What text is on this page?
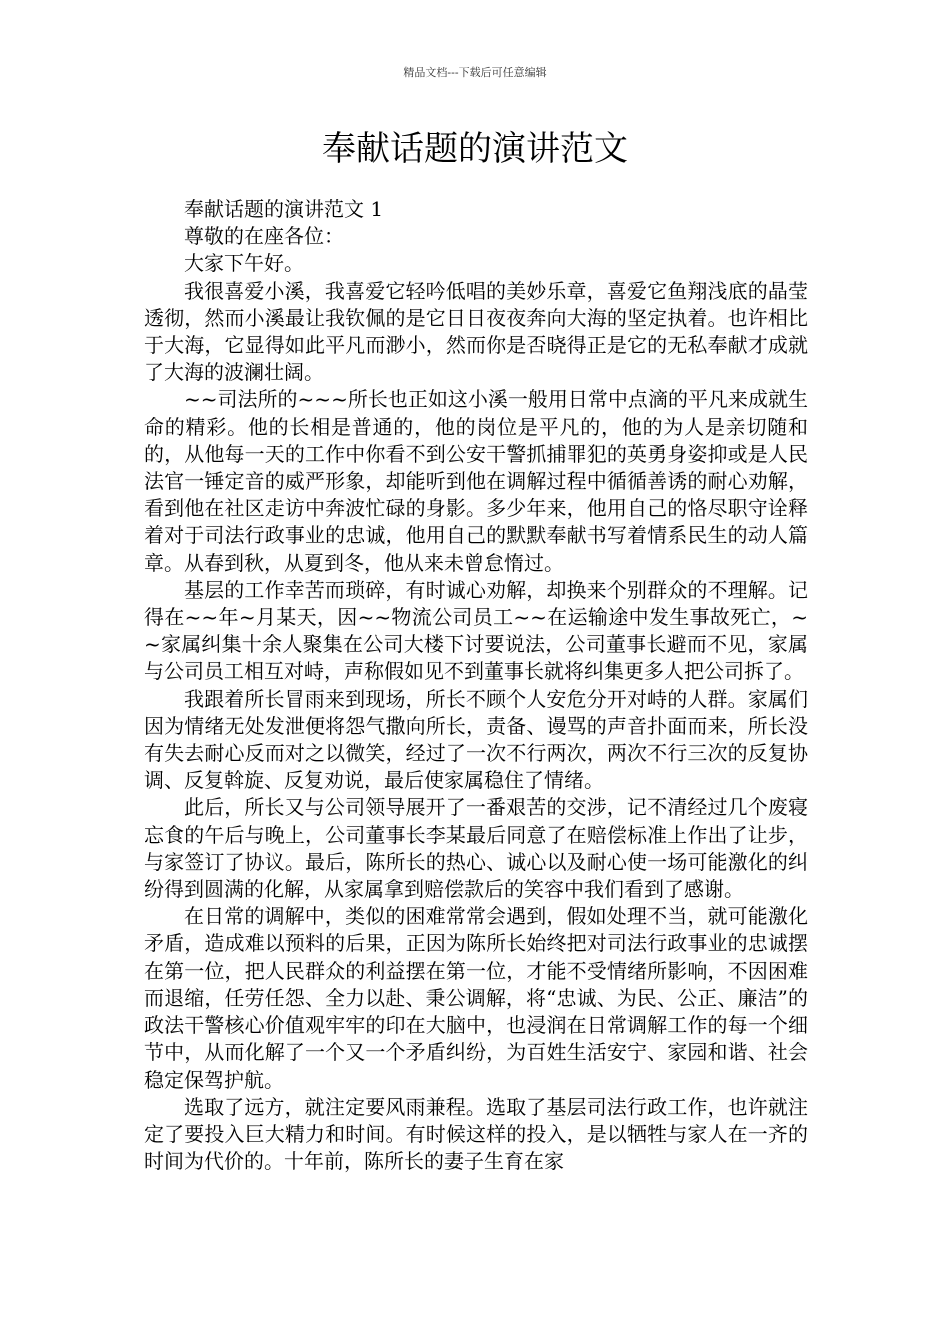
精品文档---下载后可任意编辑
奉献话题的演讲范文

奉献话题的演讲范文 1

尊敬的在座各位：

大家下午好。

我很喜爱小溪，我喜爱它轻吟低唱的美妙乐章，喜爱它鱼翔浅底的晶莹透彻，然而小溪最让我钦佩的是它日日夜夜奔向大海的坚定执着。也许相比于大海，它显得如此平凡而渺小，然而你是否晓得正是它的无私奉献才成就了大海的波澜壮阔。

~~司法所的~~~所长也正如这小溪一般用日常中点滴的平凡来成就生命的精彩。他的长相是普通的，他的岗位是平凡的，他的为人是亲切随和的，从他每一天的工作中你看不到公安干警抓捕罪犯的英勇身姿抑或是人民法官一锤定音的威严形象，却能听到他在调解过程中循循善诱的耐心劝解，看到他在社区走访中奔波忙碌的身影。多少年来，他用自己的恪尽职守诠释着对于司法行政事业的忠诚，他用自己的默默奉献书写着情系民生的动人篇章。从春到秋，从夏到冬，他从来未曾怠惰过。

基层的工作幸苦而琐碎，有时诚心劝解，却换来个别群众的不理解。记得在~~年~月某天，因~~物流公司员工~~在运输途中发生事故死亡，~~家属纠集十余人聚集在公司大楼下讨要说法，公司董事长避而不见，家属与公司员工相互对峙，声称假如见不到董事长就将纠集更多人把公司拆了。

我跟着所长冒雨来到现场，所长不顾个人安危分开对峙的人群。家属们因为情绪无处发泄便将怨气撒向所长，责备、谩骂的声音扑面而来，所长没有失去耐心反而对之以微笑，经过了一次不行两次，两次不行三次的反复协调、反复斡旋、反复劝说，最后使家属稳住了情绪。

此后，所长又与公司领导展开了一番艰苦的交涉，记不清经过几个废寝忘食的午后与晚上，公司董事长李某最后同意了在赔偿标准上作出了让步，与家签订了协议。最后，陈所长的热心、诚心以及耐心使一场可能激化的纠纷得到圆满的化解，从家属拿到赔偿款后的笑容中我们看到了感谢。

在日常的调解中，类似的困难常常会遇到，假如处理不当，就可能激化矛盾，造成难以预料的后果，正因为陈所长始终把对司法行政事业的忠诚摆在第一位，把人民群众的利益摆在第一位，才能不受情绪所影响，不因困难而退缩，任劳任怨、全力以赴、秉公调解，将“忠诚、为民、公正、廉洁”的政法干警核心价值观牢牢的印在大脑中，也浸润在日常调解工作的每一个细节中，从而化解了一个又一个矛盾纠纷，为百姓生活安宁、家园和谐、社会稳定保驾护航。

选取了远方，就注定要风雨兼程。选取了基层司法行政工作，也许就注定了要投入巨大精力和时间。有时候这样的投入，是以牺牲与家人在一齐的时间为代价的。十年前，陈所长的妻子生育在家
